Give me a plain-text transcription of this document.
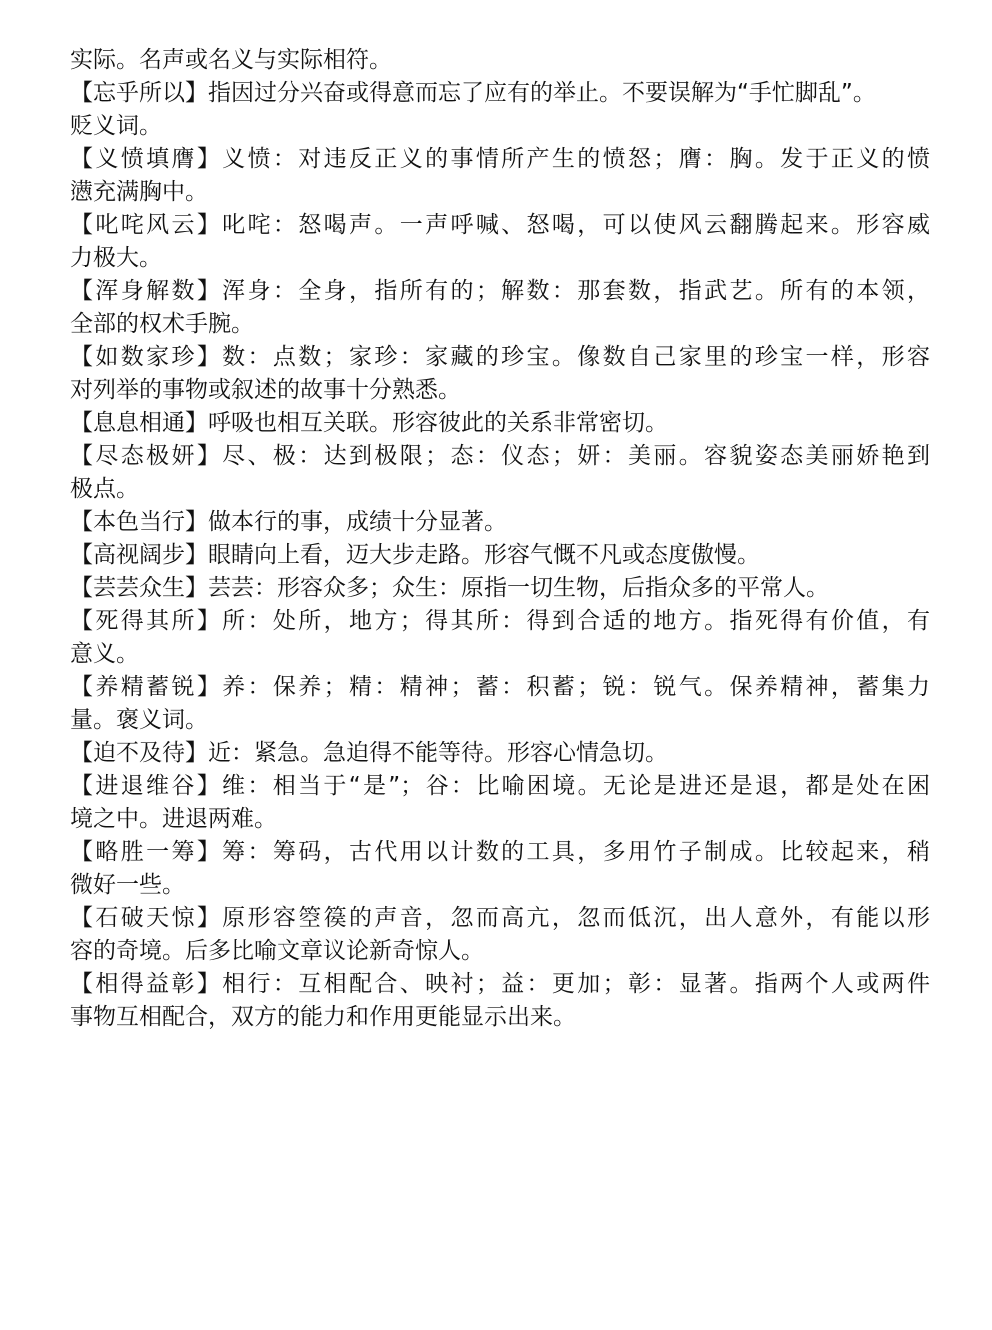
实际。名声或名义与实际相符。
【忘乎所以】指因过分兴奋或得意而忘了应有的举止。不要误解为“手忙脚乱”。
贬义词。
【义愤填膺】义愤：对违反正义的事情所产生的愤怒；膺：胸。发于正义的愤
懑充满胸中。
【叱咤风云】叱咤：怒喝声。一声呼喊、怒喝，可以使风云翻腾起来。形容威
力极大。
【浑身解数】浑身：全身，指所有的；解数：那套数，指武艺。所有的本领，
全部的权术手腕。
【如数家珍】数：点数；家珍：家藏的珍宝。像数自己家里的珍宝一样，形容
对列举的事物或叙述的故事十分熟悉。
【息息相通】呼吸也相互关联。形容彼此的关系非常密切。
【尽态极妍】尽、极：达到极限；态：仪态；妍：美丽。容貌姿态美丽娇艳到
极点。
【本色当行】做本行的事，成绩十分显著。
【高视阔步】眼睛向上看，迈大步走路。形容气慨不凡或态度傲慢。
【芸芸众生】芸芸：形容众多；众生：原指一切生物，后指众多的平常人。
【死得其所】所：处所，地方；得其所：得到合适的地方。指死得有价值，有
意义。
【养精蓄锐】养：保养；精：精神；蓄：积蓄；锐：锐气。保养精神，蓄集力
量。褒义词。
【迫不及待】近：紧急。急迫得不能等待。形容心情急切。
【进退维谷】维：相当于“是”；谷：比喻困境。无论是进还是退，都是处在困
境之中。进退两难。
【略胜一筹】筹：筹码，古代用以计数的工具，多用竹子制成。比较起来，稍
微好一些。
【石破天惊】原形容箜篌的声音，忽而高亢，忽而低沉，出人意外，有能以形
容的奇境。后多比喻文章议论新奇惊人。
【相得益彰】相行：互相配合、映衬；益：更加；彰：显著。指两个人或两件
事物互相配合，双方的能力和作用更能显示出来。
